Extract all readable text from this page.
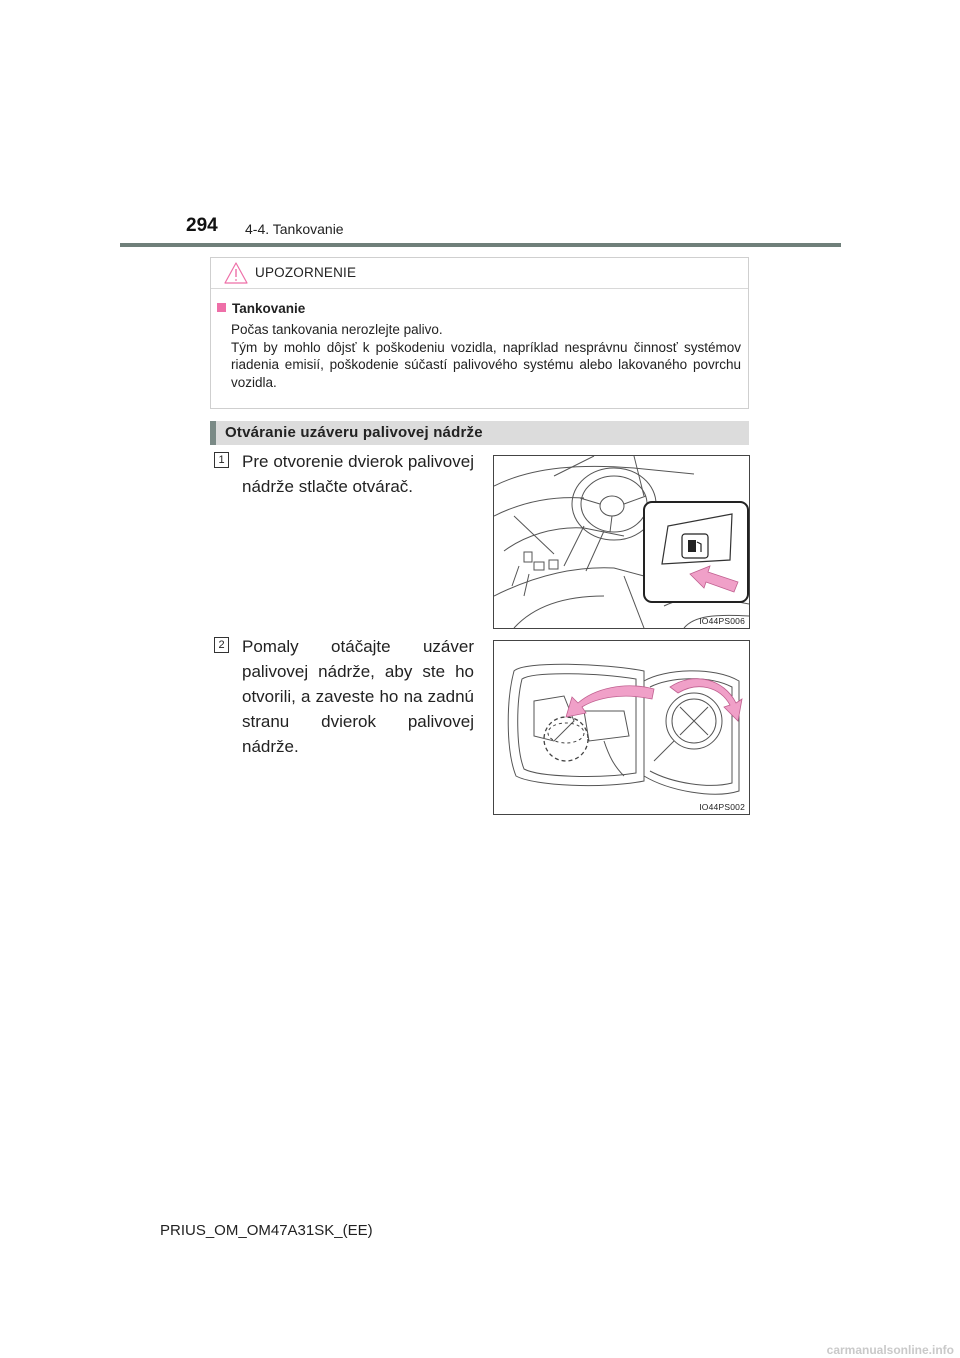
294 4-4. Tankovanie
UPOZORNENIE
Tankovanie

Počas tankovania nerozlejte palivo.

Tým by mohlo dôjsť k poškodeniu vozidla, napríklad nesprávnu činnosť systémov riadenia emisií, poškodenie súčastí palivového systému alebo lakovaného povrchu vozidla.

Otváranie uzáveru palivovej nádrže
1 Pre otvorenie dvierok palivovej nádrže stlačte otvárač.
IO44PS006
2 Pomaly otáčajte uzáver palivovej nádrže, aby ste ho otvorili, a zaveste ho na zadnú stranu dvierok palivovej nádrže.
IO44PS002
PRIUS_OM_OM47A31SK_(EE)
carmanualsonline.info
